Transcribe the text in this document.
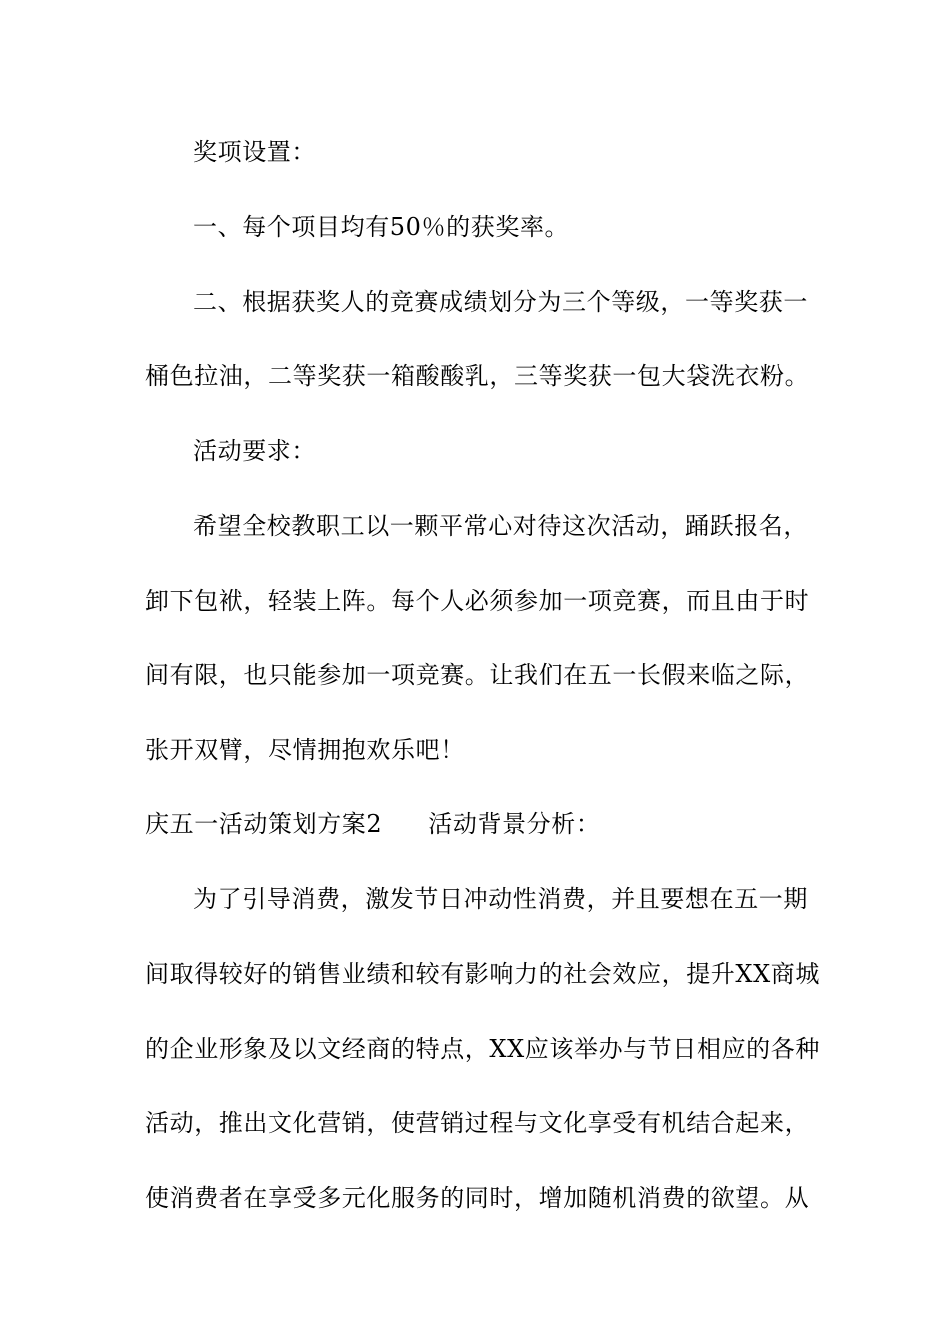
奖项设置：
一、每个项目均有50％的获奖率。
二、根据获奖人的竞赛成绩划分为三个等级，一等奖获一
桶色拉油，二等奖获一箱酸酸乳，三等奖获一包大袋洗衣粉。
活动要求：
希望全校教职工以一颗平常心对待这次活动，踊跃报名，
卸下包袱，轻装上阵。每个人必须参加一项竞赛，而且由于时
间有限，也只能参加一项竞赛。让我们在五一长假来临之际，
张开双臂，尽情拥抱欢乐吧！
庆五一活动策划方案2 活动背景分析：
为了引导消费，激发节日冲动性消费，并且要想在五一期
间取得较好的销售业绩和较有影响力的社会效应，提升XX商城
的企业形象及以文经商的特点，XX应该举办与节日相应的各种
活动，推出文化营销，使营销过程与文化享受有机结合起来，
使消费者在享受多元化服务的同时，增加随机消费的欲望。从
